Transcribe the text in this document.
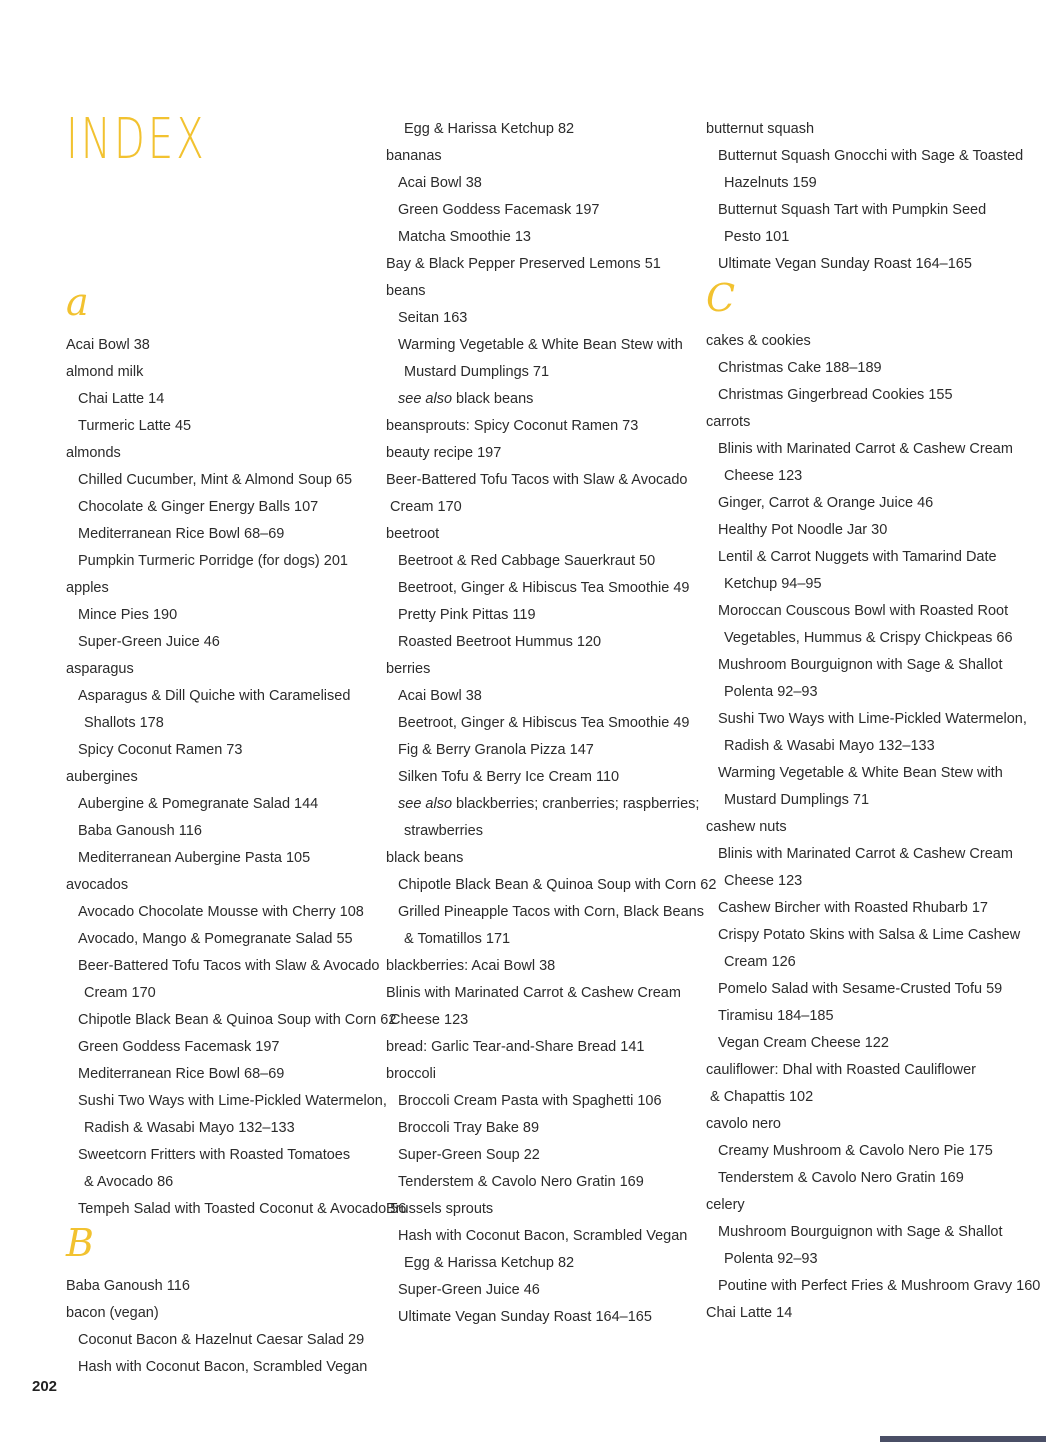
INDEX
a
Acai Bowl 38
almond milk
Chai Latte 14
Turmeric Latte 45
almonds
Chilled Cucumber, Mint & Almond Soup 65
Chocolate & Ginger Energy Balls 107
Mediterranean Rice Bowl 68–69
Pumpkin Turmeric Porridge (for dogs) 201
apples
Mince Pies 190
Super-Green Juice 46
asparagus
Asparagus & Dill Quiche with Caramelised
Shallots 178
Spicy Coconut Ramen 73
aubergines
Aubergine & Pomegranate Salad 144
Baba Ganoush 116
Mediterranean Aubergine Pasta 105
avocados
Avocado Chocolate Mousse with Cherry 108
Avocado, Mango & Pomegranate Salad 55
Beer-Battered Tofu Tacos with Slaw & Avocado
Cream 170
Chipotle Black Bean & Quinoa Soup with Corn 62
Green Goddess Facemask 197
Mediterranean Rice Bowl 68–69
Sushi Two Ways with Lime-Pickled Watermelon,
Radish & Wasabi Mayo 132–133
Sweetcorn Fritters with Roasted Tomatoes
& Avocado 86
Tempeh Salad with Toasted Coconut & Avocado 56
B
Baba Ganoush 116
bacon (vegan)
Coconut Bacon & Hazelnut Caesar Salad 29
Hash with Coconut Bacon, Scrambled Vegan
Egg & Harissa Ketchup 82
bananas
Acai Bowl 38
Green Goddess Facemask 197
Matcha Smoothie 13
Bay & Black Pepper Preserved Lemons 51
beans
Seitan 163
Warming Vegetable & White Bean Stew with
Mustard Dumplings 71
see also black beans
beansprouts: Spicy Coconut Ramen 73
beauty recipe 197
Beer-Battered Tofu Tacos with Slaw & Avocado
Cream 170
beetroot
Beetroot & Red Cabbage Sauerkraut 50
Beetroot, Ginger & Hibiscus Tea Smoothie 49
Pretty Pink Pittas 119
Roasted Beetroot Hummus 120
berries
Acai Bowl 38
Beetroot, Ginger & Hibiscus Tea Smoothie 49
Fig & Berry Granola Pizza 147
Silken Tofu & Berry Ice Cream 110
see also blackberries; cranberries; raspberries;
strawberries
black beans
Chipotle Black Bean & Quinoa Soup with Corn 62
Grilled Pineapple Tacos with Corn, Black Beans
& Tomatillos 171
blackberries: Acai Bowl 38
Blinis with Marinated Carrot & Cashew Cream
Cheese 123
bread: Garlic Tear-and-Share Bread 141
broccoli
Broccoli Cream Pasta with Spaghetti 106
Broccoli Tray Bake 89
Super-Green Soup 22
Tenderstem & Cavolo Nero Gratin 169
Brussels sprouts
Hash with Coconut Bacon, Scrambled Vegan
Egg & Harissa Ketchup 82
Super-Green Juice 46
Ultimate Vegan Sunday Roast 164–165
butternut squash
Butternut Squash Gnocchi with Sage & Toasted
Hazelnuts 159
Butternut Squash Tart with Pumpkin Seed
Pesto 101
Ultimate Vegan Sunday Roast 164–165
C
cakes & cookies
Christmas Cake 188–189
Christmas Gingerbread Cookies 155
carrots
Blinis with Marinated Carrot & Cashew Cream
Cheese 123
Ginger, Carrot & Orange Juice 46
Healthy Pot Noodle Jar 30
Lentil & Carrot Nuggets with Tamarind Date
Ketchup 94–95
Moroccan Couscous Bowl with Roasted Root
Vegetables, Hummus & Crispy Chickpeas 66
Mushroom Bourguignon with Sage & Shallot
Polenta 92–93
Sushi Two Ways with Lime-Pickled Watermelon,
Radish & Wasabi Mayo 132–133
Warming Vegetable & White Bean Stew with
Mustard Dumplings 71
cashew nuts
Blinis with Marinated Carrot & Cashew Cream
Cheese 123
Cashew Bircher with Roasted Rhubarb 17
Crispy Potato Skins with Salsa & Lime Cashew
Cream 126
Pomelo Salad with Sesame-Crusted Tofu 59
Tiramisu 184–185
Vegan Cream Cheese 122
cauliflower: Dhal with Roasted Cauliflower
& Chapattis 102
cavolo nero
Creamy Mushroom & Cavolo Nero Pie 175
Tenderstem & Cavolo Nero Gratin 169
celery
Mushroom Bourguignon with Sage & Shallot
Polenta 92–93
Poutine with Perfect Fries & Mushroom Gravy 160
Chai Latte 14
202
